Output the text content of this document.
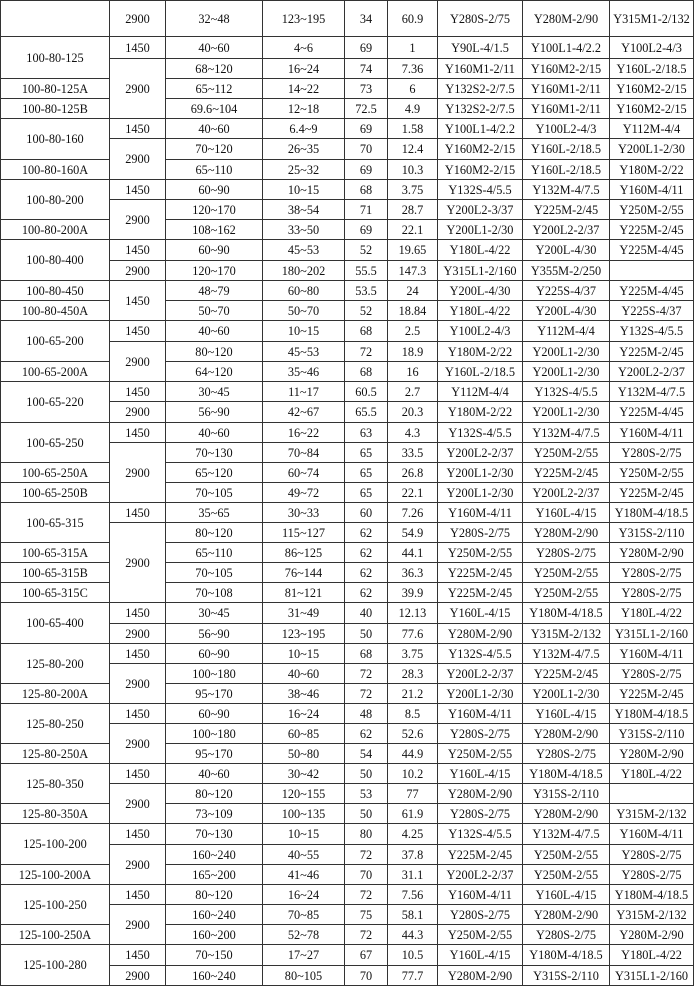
	2900	32~48	123~195	34	60.9	Y280S-2/75	Y280M-2/90	Y315M1-2/132
100-80-125	1450	40~60	4~6	69	1	Y90L-4/1.5	Y100L1-4/2.2	Y100L2-4/3
	2900	68~120	16~24	74	7.36	Y160M1-2/11	Y160M2-2/15	Y160L-2/18.5
100-80-125A		65~112	14~22	73	6	Y132S2-2/7.5	Y160M1-2/11	Y160M2-2/15
100-80-125B		69.6~104	12~18	72.5	4.9	Y132S2-2/7.5	Y160M1-2/11	Y160M2-2/15
100-80-160	1450	40~60	6.4~9	69	1.58	Y100L1-4/2.2	Y100L2-4/3	Y112M-4/4
	2900	70~120	26~35	70	12.4	Y160M2-2/15	Y160L-2/18.5	Y200L1-2/30
100-80-160A		65~110	25~32	69	10.3	Y160M2-2/15	Y160L-2/18.5	Y180M-2/22
100-80-200	1450	60~90	10~15	68	3.75	Y132S-4/5.5	Y132M-4/7.5	Y160M-4/11
	2900	120~170	38~54	71	28.7	Y200L2-3/37	Y225M-2/45	Y250M-2/55
100-80-200A		108~162	33~50	69	22.1	Y200L1-2/30	Y200L2-2/37	Y225M-2/45
100-80-400	1450	60~90	45~53	52	19.65	Y180L-4/22	Y200L-4/30	Y225M-4/45
	2900	120~170	180~202	55.5	147.3	Y315L1-2/160	Y355M-2/250	
100-80-450	1450	48~79	60~80	53.5	24	Y200L-4/30	Y225S-4/37	Y225M-4/45
100-80-450A		50~70	50~70	52	18.84	Y180L-4/22	Y200L-4/30	Y225S-4/37
100-65-200	1450	40~60	10~15	68	2.5	Y100L2-4/3	Y112M-4/4	Y132S-4/5.5
	2900	80~120	45~53	72	18.9	Y180M-2/22	Y200L1-2/30	Y225M-2/45
100-65-200A		64~120	35~46	68	16	Y160L-2/18.5	Y200L1-2/30	Y200L2-2/37
100-65-220	1450	30~45	11~17	60.5	2.7	Y112M-4/4	Y132S-4/5.5	Y132M-4/7.5
	2900	56~90	42~67	65.5	20.3	Y180M-2/22	Y200L1-2/30	Y225M-4/45
100-65-250	1450	40~60	16~22	63	4.3	Y132S-4/5.5	Y132M-4/7.5	Y160M-4/11
	2900	70~130	70~84	65	33.5	Y200L2-2/37	Y250M-2/55	Y280S-2/75
100-65-250A		65~120	60~74	65	26.8	Y200L1-2/30	Y225M-2/45	Y250M-2/55
100-65-250B		70~105	49~72	65	22.1	Y200L1-2/30	Y200L2-2/37	Y225M-2/45
100-65-315	1450	35~65	30~33	60	7.26	Y160M-4/11	Y160L-4/15	Y180M-4/18.5
	2900	80~120	115~127	62	54.9	Y280S-2/75	Y280M-2/90	Y315S-2/110
100-65-315A		65~110	86~125	62	44.1	Y250M-2/55	Y280S-2/75	Y280M-2/90
100-65-315B		70~105	76~144	62	36.3	Y225M-2/45	Y250M-2/55	Y280S-2/75
100-65-315C		70~108	81~121	62	39.9	Y225M-2/45	Y250M-2/55	Y280S-2/75
100-65-400	1450	30~45	31~49	40	12.13	Y160L-4/15	Y180M-4/18.5	Y180L-4/22
	2900	56~90	123~195	50	77.6	Y280M-2/90	Y315M-2/132	Y315L1-2/160
125-80-200	1450	60~90	10~15	68	3.75	Y132S-4/5.5	Y132M-4/7.5	Y160M-4/11
	2900	100~180	40~60	72	28.3	Y200L2-2/37	Y225M-2/45	Y280S-2/75
125-80-200A		95~170	38~46	72	21.2	Y200L1-2/30	Y200L1-2/30	Y225M-2/45
125-80-250	1450	60~90	16~24	48	8.5	Y160M-4/11	Y160L-4/15	Y180M-4/18.5
	2900	100~180	60~85	62	52.6	Y280S-2/75	Y280M-2/90	Y315S-2/110
125-80-250A		95~170	50~80	54	44.9	Y250M-2/55	Y280S-2/75	Y280M-2/90
125-80-350	1450	40~60	30~42	50	10.2	Y160L-4/15	Y180M-4/18.5	Y180L-4/22
	2900	80~120	120~155	53	77	Y280M-2/90	Y315S-2/110	
125-80-350A		73~109	100~135	50	61.9	Y280S-2/75	Y280M-2/90	Y315M-2/132
125-100-200	1450	70~130	10~15	80	4.25	Y132S-4/5.5	Y132M-4/7.5	Y160M-4/11
	2900	160~240	40~55	72	37.8	Y225M-2/45	Y250M-2/55	Y280S-2/75
125-100-200A		165~200	41~46	70	31.1	Y200L2-2/37	Y250M-2/55	Y280S-2/75
125-100-250	1450	80~120	16~24	72	7.56	Y160M-4/11	Y160L-4/15	Y180M-4/18.5
	2900	160~240	70~85	75	58.1	Y280S-2/75	Y280M-2/90	Y315M-2/132
125-100-250A		160~200	52~78	72	44.3	Y250M-2/55	Y280S-2/75	Y280M-2/90
125-100-280	1450	70~150	17~27	67	10.5	Y160L-4/15	Y180M-4/18.5	Y180L-4/22
	2900	160~240	80~105	70	77.7	Y280M-2/90	Y315S-2/110	Y315L1-2/160
